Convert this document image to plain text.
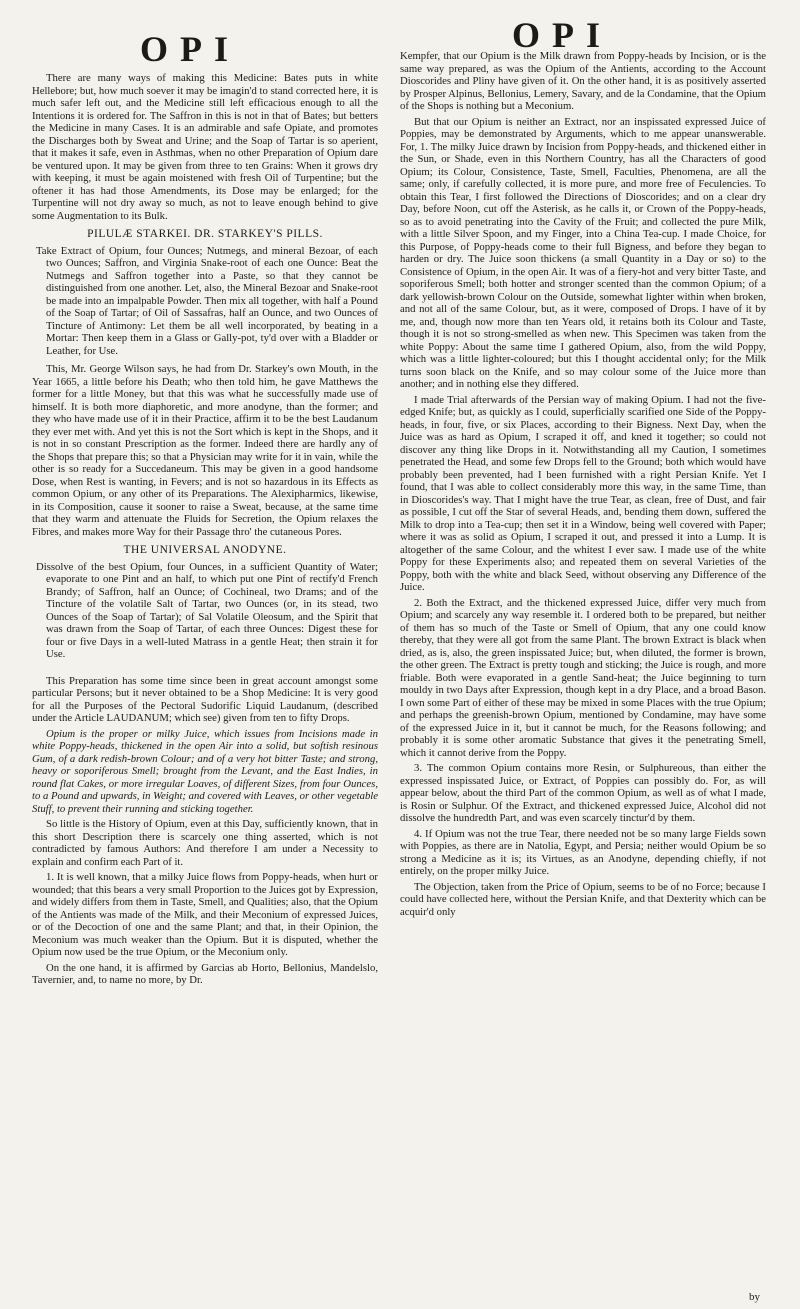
OPI	OPI

There are many ways of making this Medicine: Bates puts in white Hellebore; but, how much soever it may be imagin'd to stand corrected here, it is much safer left out, and the Medicine still left efficacious enough to all the Intentions it is ordered for. The Saffron in this is not in that of Bates; but betters the Medicine in many Cases. It is an admirable and safe Opiate, and promotes the Discharges both by Sweat and Urine; and the Soap of Tartar is so aperient, that it makes it safe, even in Asthmas, when no other Preparation of Opium dare be ventured upon. It may be given from three to ten Grains: When it grows dry with keeping, it must be again moistened with fresh Oil of Turpentine; but the oftener it has had those Amendments, its Dose may be enlarged; for the Turpentine will not dry away so much, as not to leave enough behind to give some Augmentation to its Bulk.

PILULÆ STARKEI. DR. STARKEY'S PILLS.

Take Extract of Opium, four Ounces; Nutmegs, and mineral Bezoar, of each two Ounces; Saffron, and Virginia Snake-root of each one Ounce: Beat the Nutmegs and Saffron together into a Paste, so that they cannot be distinguished from one another. Let, also, the Mineral Bezoar and Snake-root be made into an impalpable Powder. Then mix all together, with half a Pound of the Soap of Tartar; of Oil of Sassafras, half an Ounce, and two Ounces of Tincture of Antimony: Let them be all well incorporated, by beating in a Mortar: Then keep them in a Glass or Gally-pot, ty'd over with a Bladder or Leather, for Use.

This, Mr. George Wilson says, he had from Dr. Starkey's own Mouth, in the Year 1665, a little before his Death; who then told him, he gave Matthews the former for a little Money, but that this was what he successfully made use of himself. It is both more diaphoretic, and more anodyne, than the former; and they who have made use of it in their Practice, affirm it to be the best Laudanum they ever met with. And yet this is not the Sort which is kept in the Shops, and it is not in so constant Prescription as the former. Indeed there are hardly any of the Shops that prepare this; so that a Physician may write for it in vain, while the other is so ready for a Succedaneum. This may be given in a good handsome Dose, when Rest is wanting, in Fevers; and is not so hazardous in its Effects as common Opium, or any other of its Preparations. The Alexipharmics, likewise, in its Composition, cause it sooner to raise a Sweat, because, at the same time that they warm and attenuate the Fluids for Secretion, the Opium relaxes the Fibres, and makes more Way for their Passage thro' the cutaneous Pores.

THE UNIVERSAL ANODYNE.

Dissolve of the best Opium, four Ounces, in a sufficient Quantity of Water; evaporate to one Pint and an half, to which put one Pint of rectify'd French Brandy; of Saffron, half an Ounce; of Cochineal, two Drams; and of the Tincture of the volatile Salt of Tartar, two Ounces (or, in its stead, two Ounces of the Soap of Tartar); of Sal Volatile Oleosum, and the Spirit that was drawn from the Soap of Tartar, of each three Ounces: Digest these for four or five Days in a well-luted Matrass in a gentle Heat; then strain it for Use.

This Preparation has some time since been in great account amongst some particular Persons; but it never obtained to be a Shop Medicine: It is very good for all the Purposes of the Pectoral Sudorific Liquid Laudanum, (described under the Article LAUDANUM; which see) given from ten to fifty Drops.

Opium is the proper or milky Juice, which issues from Incisions made in white Poppy-heads, thickened in the open Air into a solid, but softish resinous Gum, of a dark redish-brown Colour; and of a very hot bitter Taste; and strong, heavy or soporiferous Smell; brought from the Levant, and the East Indies, in round flat Cakes, or more irregular Loaves, of different Sizes, from four Ounces, to a Pound and upwards, in Weight; and covered with Leaves, or other vegetable Stuff, to prevent their running and sticking together.

So little is the History of Opium, even at this Day, sufficiently known, that in this short Description there is scarcely one thing asserted, which is not contradicted by famous Authors: And therefore I am under a Necessity to explain and confirm each Part of it.

1. It is well known, that a milky Juice flows from Poppy-heads, when hurt or wounded; that this bears a very small Proportion to the Juices got by Expression, and widely differs from them in Taste, Smell, and Qualities; also, that the Opium of the Antients was made of the Milk, and their Meconium of expressed Juices, or of the Decoction of one and the same Plant; and that, in their Opinion, the Meconium was much weaker than the Opium. But it is disputed, whether the Opium now used be the true Opium, or the Meconium only.

On the one hand, it is affirmed by Garcias ab Horto, Bellonius, Mandelslo, Tavernier, and, to name no more, by Dr.

Kempfer, that our Opium is the Milk drawn from Poppy-heads by Incision, or is the same way prepared, as was the Opium of the Antients, according to the Account Dioscorides and Pliny have given of it. On the other hand, it is as positively asserted by Prosper Alpinus, Bellonius, Lemery, Savary, and de la Condamine, that the Opium of the Shops is nothing but a Meconium.

But that our Opium is neither an Extract, nor an inspissated expressed Juice of Poppies, may be demonstrated by Arguments, which to me appear unanswerable. For, 1. The milky Juice drawn by Incision from Poppy-heads, and thickened either in the Sun, or Shade, even in this Northern Country, has all the Characters of good Opium; its Colour, Consistence, Taste, Smell, Faculties, Phenomena, are all the same; only, if carefully collected, it is more pure, and more free of Feculencies. To obtain this Tear, I first followed the Directions of Dioscorides; and on a clear dry Day, before Noon, cut off the Asterisk, as he calls it, or Crown of the Poppy-heads, so as to avoid penetrating into the Cavity of the Fruit; and collected the pure Milk, with a little Silver Spoon, and my Finger, into a China Tea-cup. I made Choice, for this Purpose, of Poppy-heads come to their full Bigness, and before they began to harden or dry. The Juice soon thickens (a small Quantity in a Day or so) to the Consistence of Opium, in the open Air. It was of a fiery-hot and very bitter Taste, and soporiferous Smell; both hotter and stronger scented than the common Opium; of a dark yellowish-brown Colour on the Outside, somewhat lighter within when broken, and not all of the same Colour, but, as it were, composed of Drops. I have of it by me, and, though now more than ten Years old, it retains both its Colour and Taste, though it is not so strong-smelled as when new. This Specimen was taken from the white Poppy: About the same time I gathered Opium, also, from the wild Poppy, which was a little lighter-coloured; but this I thought accidental only; for the Milk turns soon black on the Knife, and so may colour some of the Juice more than another; and in nothing else they differed.

I made Trial afterwards of the Persian way of making Opium. I had not the five-edged Knife; but, as quickly as I could, superficially scarified one Side of the Poppy-heads, in four, five, or six Places, according to their Bigness. Next Day, when the Juice was as hard as Opium, I scraped it off, and kned it together; so could not discover any thing like Drops in it. Notwithstanding all my Caution, I sometimes penetrated the Head, and some few Drops fell to the Ground; both which would have probably been prevented, had I been furnished with a right Persian Knife. Yet I found, that I was able to collect considerably more this way, in the same Time, than in Dioscorides's way. That I might have the true Tear, as clean, free of Dust, and fair as possible, I cut off the Star of several Heads, and, bending them down, suffered the Milk to drop into a Tea-cup; then set it in a Window, being well covered with Paper; where it was as solid as Opium, I scraped it out, and pressed it into a Lump. It is altogether of the same Colour, and the whitest I ever saw. I made use of the white Poppy for these Experiments also; and repeated them on several Varieties of the Poppy, both with the white and black Seed, without observing any Difference of the Juice.

2. Both the Extract, and the thickened expressed Juice, differ very much from Opium; and scarcely any way resemble it. I ordered both to be prepared, but neither of them has so much of the Taste or Smell of Opium, that any one could know thereby, that they were all got from the same Plant. The brown Extract is black when dried, as is, also, the green inspissated Juice; but, when diluted, the former is brown, the other green. The Extract is pretty tough and sticking; the Juice is rough, and more friable. Both were evaporated in a gentle Sand-heat; the Juice beginning to turn mouldy in two Days after Expression, though kept in a dry Place, and a broad Bason. I own some Part of either of these may be mixed in some Places with the true Opium; and perhaps the greenish-brown Opium, mentioned by Condamine, may have some of the expressed Juice in it, but it cannot be much, for the Reasons following; and probably it is some other aromatic Substance that gives it the penetrating Smell, which it cannot derive from the Poppy.

3. The common Opium contains more Resin, or Sulphureous, than either the expressed inspissated Juice, or Extract, of Poppies can possibly do. For, as will appear below, about the third Part of the common Opium, as well as of what I made, is Rosin or Sulphur. Of the Extract, and thickened expressed Juice, Alcohol did not dissolve the hundredth Part, and was even scarcely tinctur'd by them.

4. If Opium was not the true Tear, there needed not be so many large Fields sown with Poppies, as there are in Natolia, Egypt, and Persia; neither would Opium be so strong a Medicine as it is; its Virtues, as an Anodyne, depending chiefly, if not entirely, on the proper milky Juice.

The Objection, taken from the Price of Opium, seems to be of no Force; because I could have collected here, without the Persian Knife, and that Dexterity which can be acquir'd only

by
